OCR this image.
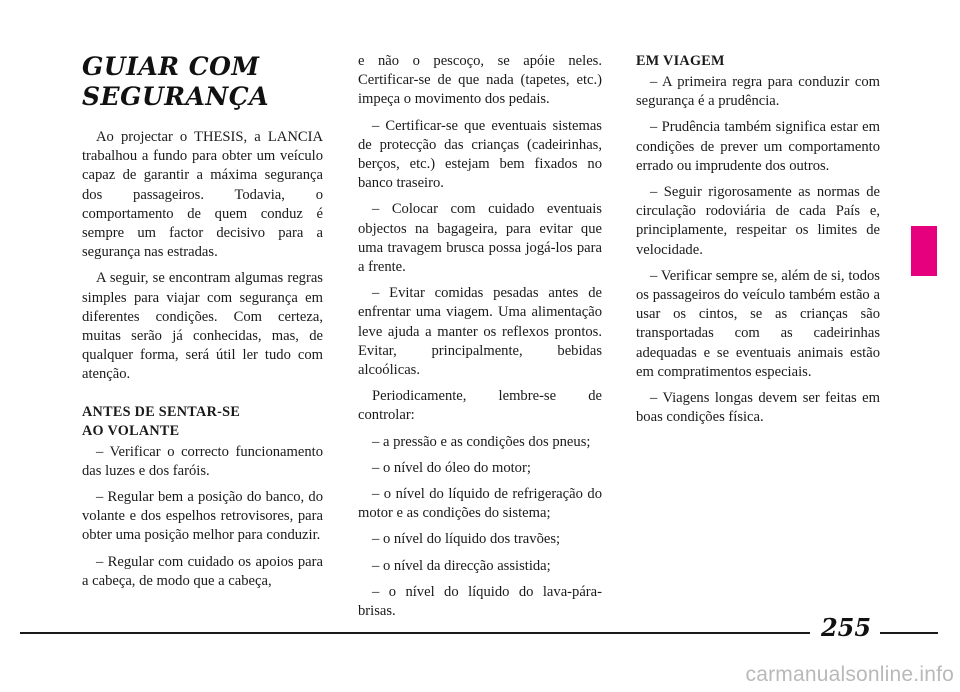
GUIAR COM
SEGURANÇA

Ao projectar o THESIS, a LANCIA trabalhou a fundo para obter um veículo capaz de garantir a máxima segurança dos passageiros. Todavia, o comportamento de quem conduz é sempre um factor decisivo para a segurança nas estradas.

A seguir, se encontram algumas regras simples para viajar com segurança em diferentes condições. Com certeza, muitas serão já conhecidas, mas, de qualquer forma, será útil ler tudo com atenção.

ANTES DE SENTAR-SE
AO VOLANTE

– Verificar o correcto funcionamento das luzes e dos faróis.

– Regular bem a posição do banco, do volante e dos espelhos retrovisores, para obter uma posição melhor para conduzir.

– Regular com cuidado os apoios para a cabeça, de modo que a cabeça,

e não o pescoço, se apóie neles. Certificar-se de que nada (tapetes, etc.) impeça o movimento dos pedais.

– Certificar-se que eventuais sistemas de protecção das crianças (cadeirinhas, berços, etc.) estejam bem fixados no banco traseiro.

– Colocar com cuidado eventuais objectos na bagageira, para evitar que uma travagem brusca possa jogá-los para a frente.

– Evitar comidas pesadas antes de enfrentar uma viagem. Uma alimentação leve ajuda a manter os reflexos prontos. Evitar, principalmente, bebidas alcoólicas.

Periodicamente, lembre-se de controlar:

– a pressão e as condições dos pneus;

– o nível do óleo do motor;

– o nível do líquido de refrigeração do motor e as condições do sistema;

– o nível do líquido dos travões;

– o nível da direcção assistida;

– o nível do líquido do lava-pára-brisas.

EM VIAGEM

– A primeira regra para conduzir com segurança é a prudência.

– Prudência também significa estar em condições de prever um comportamento errado ou imprudente dos outros.

– Seguir rigorosamente as normas de circulação rodoviária de cada País e, principlamente, respeitar os limites de velocidade.

– Verificar sempre se, além de si, todos os passageiros do veículo também estão a usar os cintos, se as crianças são transportadas com as cadeirinhas adequadas e se eventuais animais estão em compratimentos especiais.

– Viagens longas devem ser feitas em boas condições física.

255
carmanualsonline.info
